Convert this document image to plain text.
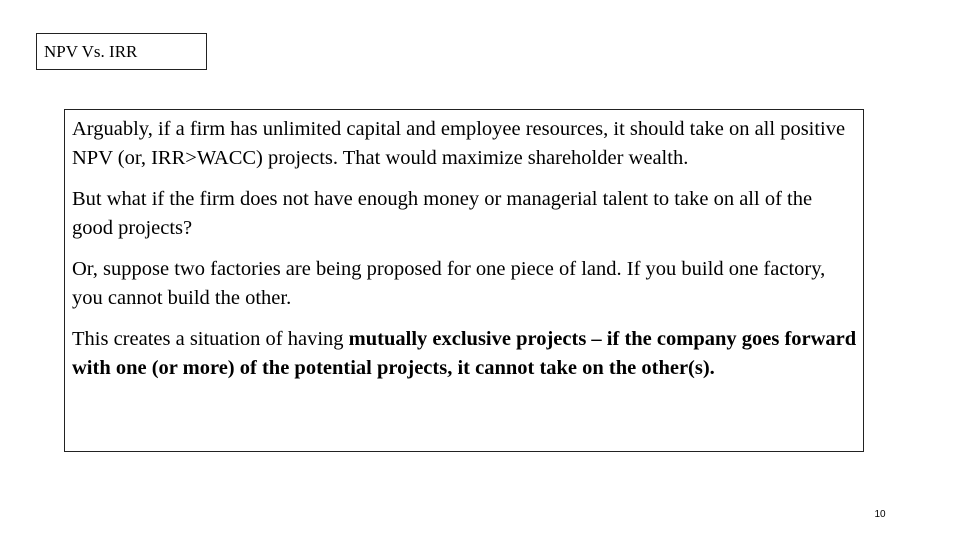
NPV Vs. IRR

Arguably, if a firm has unlimited capital and employee resources, it should take on all positive NPV (or, IRR>WACC) projects. That would maximize shareholder wealth.

But what if the firm does not have enough money or managerial talent to take on all of the good projects?

Or, suppose two factories are being proposed for one piece of land. If you build one factory, you cannot build the other.

This creates a situation of having mutually exclusive projects – if the company goes forward with one (or more) of the potential projects, it cannot take on the other(s).

10
